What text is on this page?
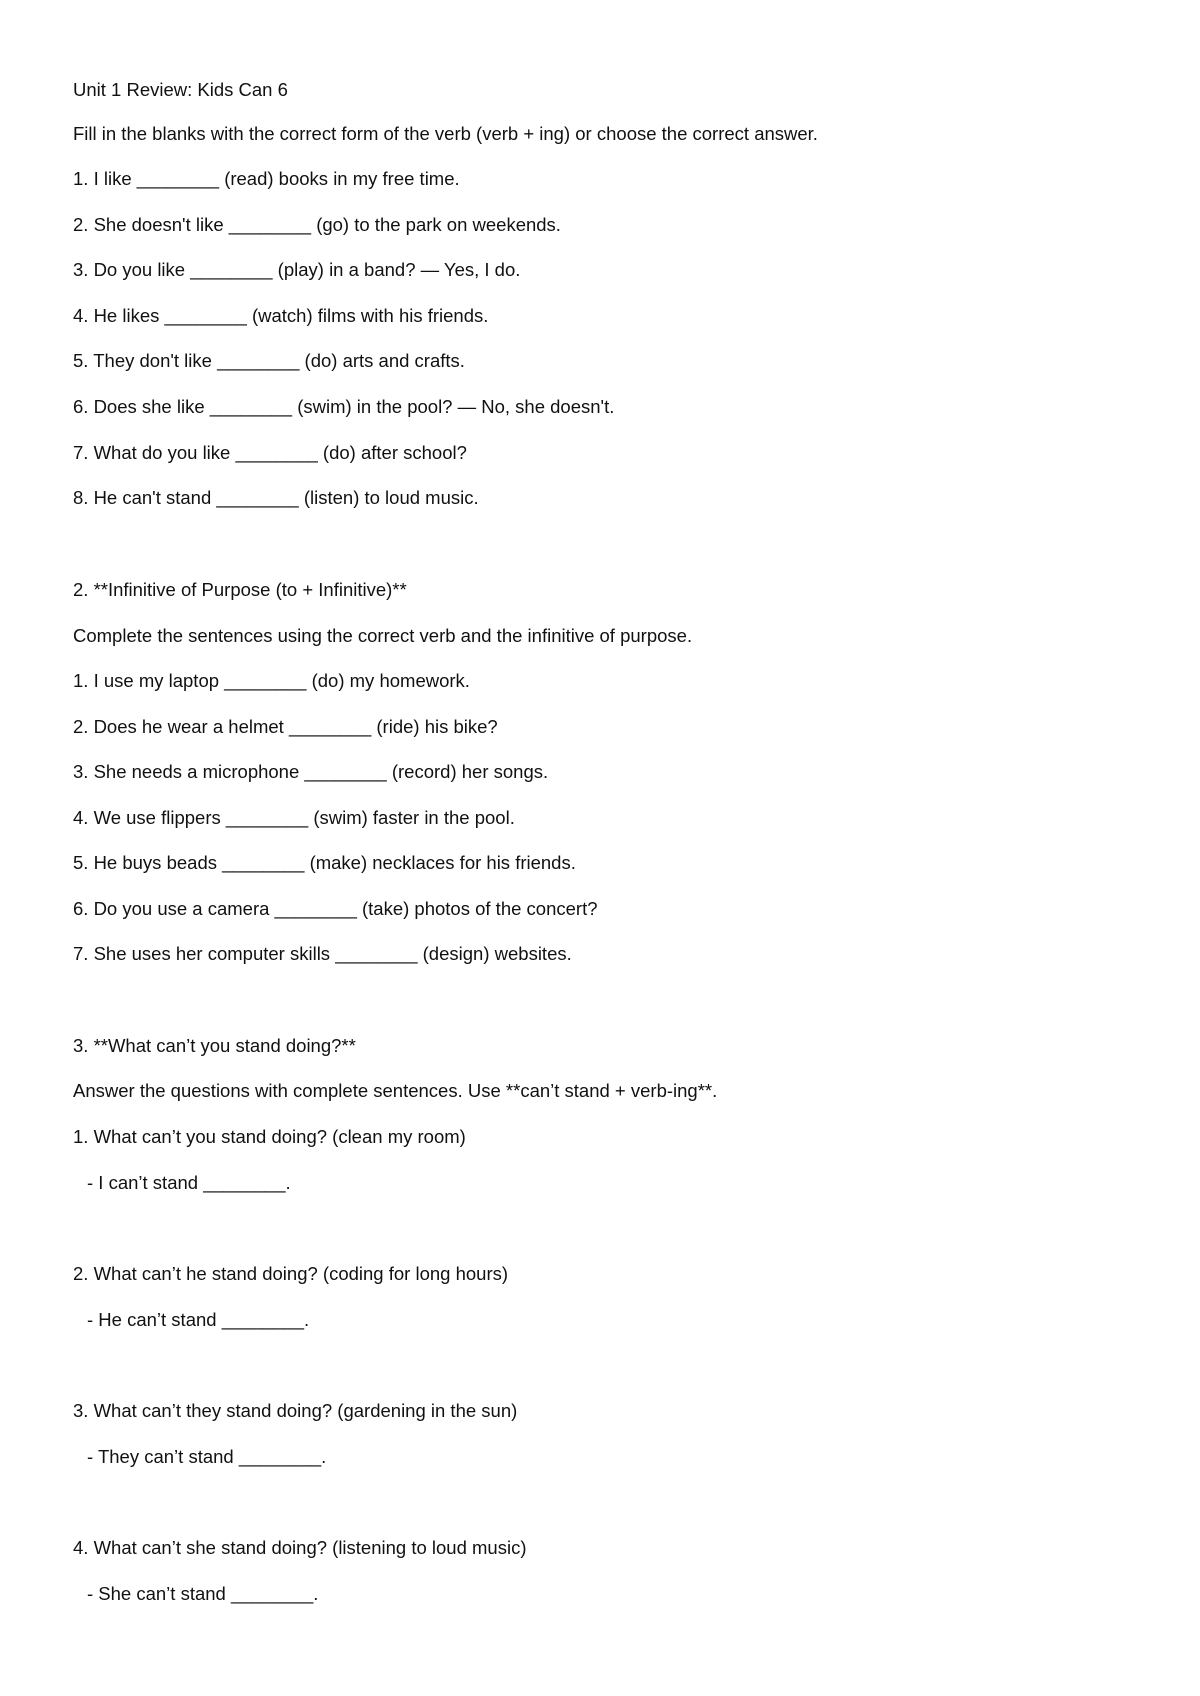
Unit 1 Review: Kids Can 6
Fill in the blanks with the correct form of the verb (verb + ing) or choose the correct answer.
1. I like ________ (read) books in my free time.
2. She doesn't like ________ (go) to the park on weekends.
3. Do you like ________ (play) in a band? — Yes, I do.
4. He likes ________ (watch) films with his friends.
5. They don't like ________ (do) arts and crafts.
6. Does she like ________ (swim) in the pool? — No, she doesn't.
7. What do you like ________ (do) after school?
8. He can't stand ________ (listen) to loud music.
2. **Infinitive of Purpose (to + Infinitive)**
Complete the sentences using the correct verb and the infinitive of purpose.
1. I use my laptop ________ (do) my homework.
2. Does he wear a helmet ________ (ride) his bike?
3. She needs a microphone ________ (record) her songs.
4. We use flippers ________ (swim) faster in the pool.
5. He buys beads ________ (make) necklaces for his friends.
6. Do you use a camera ________ (take) photos of the concert?
7. She uses her computer skills ________ (design) websites.
3. **What can’t you stand doing?**
Answer the questions with complete sentences. Use **can’t stand + verb-ing**.
1. What can’t you stand doing? (clean my room)
- I can’t stand ________.
2. What can’t he stand doing? (coding for long hours)
- He can’t stand ________.
3. What can’t they stand doing? (gardening in the sun)
- They can’t stand ________.
4. What can’t she stand doing? (listening to loud music)
- She can’t stand ________.
